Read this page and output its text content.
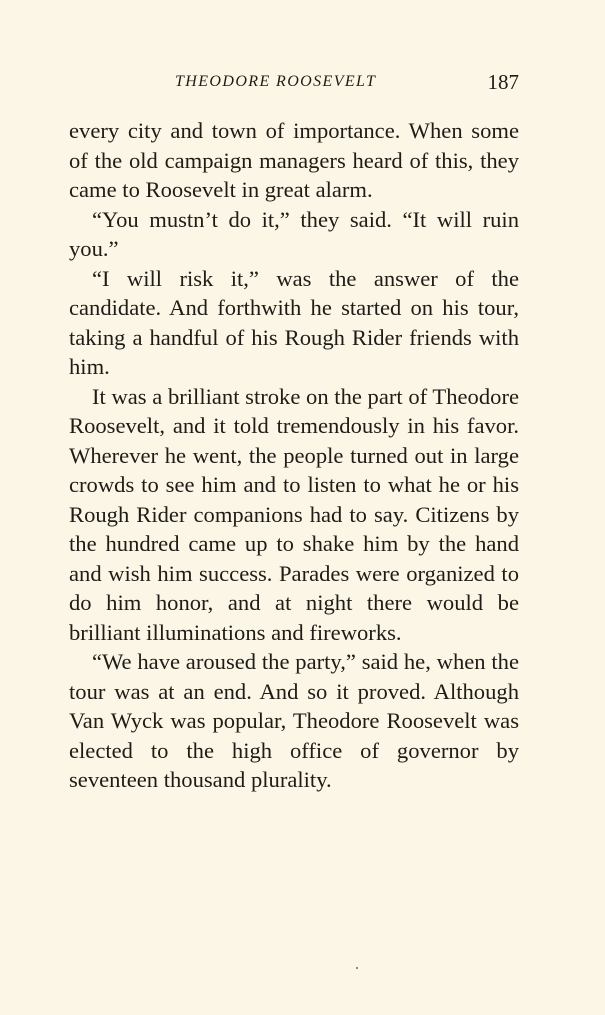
THEODORE ROOSEVELT	187

every city and town of importance. When some of the old campaign managers heard of this, they came to Roosevelt in great alarm.

“You mustn’t do it,” they said. “It will ruin you.”

“I will risk it,” was the answer of the candidate. And forthwith he started on his tour, taking a handful of his Rough Rider friends with him.

It was a brilliant stroke on the part of Theodore Roosevelt, and it told tremendously in his favor. Wherever he went, the people turned out in large crowds to see him and to listen to what he or his Rough Rider companions had to say. Citizens by the hundred came up to shake him by the hand and wish him success. Parades were organized to do him honor, and at night there would be brilliant illuminations and fireworks.

“We have aroused the party,” said he, when the tour was at an end. And so it proved. Although Van Wyck was popular, Theodore Roosevelt was elected to the high office of governor by seventeen thousand plurality.
